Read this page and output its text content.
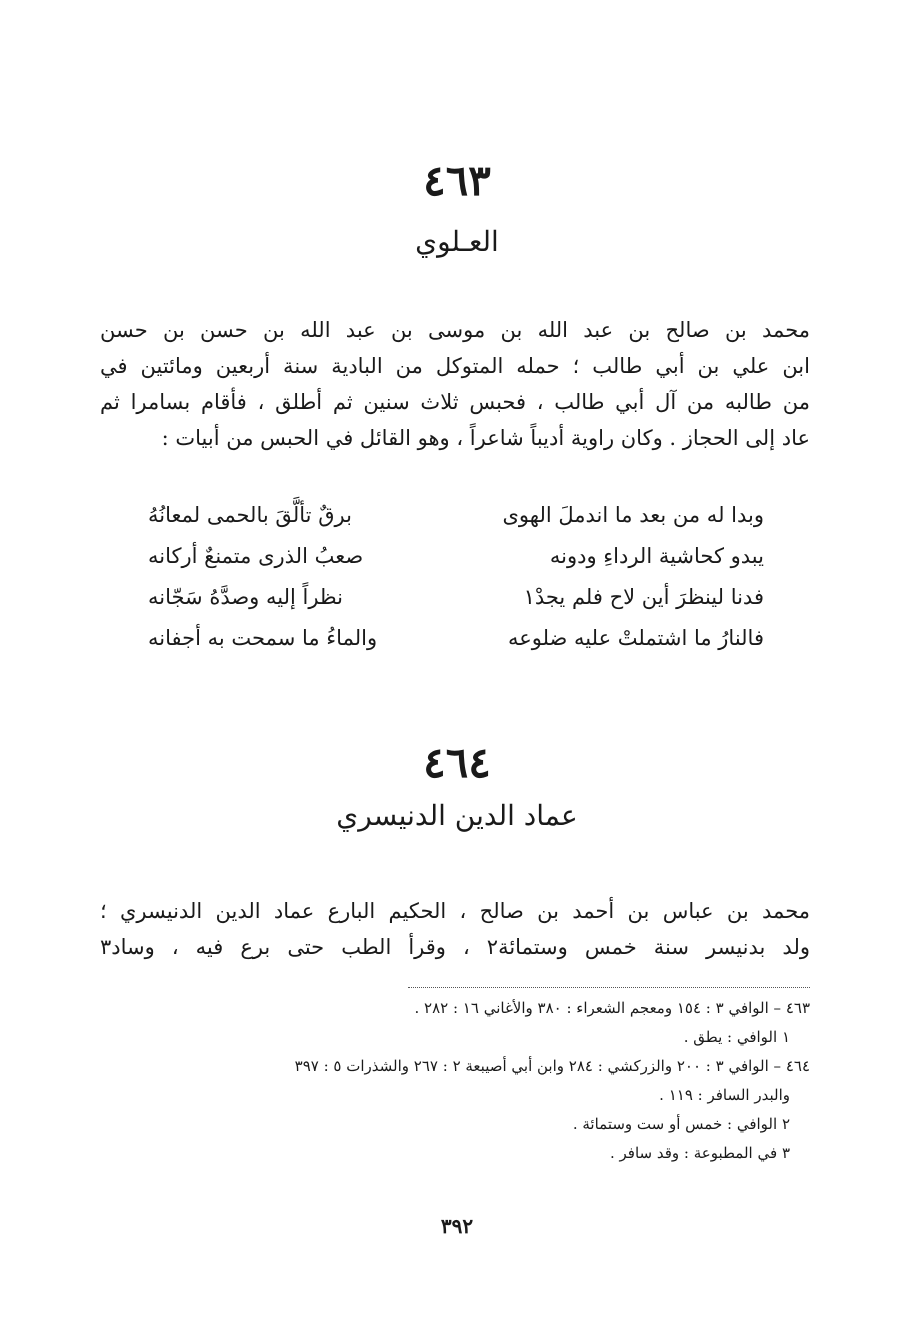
٤٦٣
العـلوي
محمد بن صالح بن عبد الله بن موسى بن عبد الله بن حسن بن حسن
ابن علي بن أبي طالب ؛ حمله المتوكل من البادية سنة أربعين ومائتين في
من طالبه من آل أبي طالب ، فحبس ثلاث سنين ثم أطلق ، فأقام بسامرا ثم
عاد إلى الحجاز . وكان راوية أديباً شاعراً ، وهو القائل في الحبس من أبيات :
وبدا له من بعد ما اندملَ الهوى
برقٌ تألَّقَ بالحمى لمعانُهُ
يبدو كحاشية الرداءِ ودونه
صعبُ الذرى متمنعٌ أركانه
فدنا لينظرَ أين لاح فلم يجدْ١
نظراً إليه وصدَّهُ سَجّانه
فالنارُ ما اشتملتْ عليه ضلوعه
والماءُ ما سمحت به أجفانه
٤٦٤
عماد الدين الدنيسري
محمد بن عباس بن أحمد بن صالح ، الحكيم البارع عماد الدين الدنيسري ؛
ولد بدنيسر سنة خمس وستمائة٢ ، وقرأ الطب حتى برع فيه ، وساد٣
٤٦٣ – الوافي ٣ : ١٥٤ ومعجم الشعراء : ٣٨٠ والأغاني ١٦ : ٢٨٢ .
١ الوافي : يطق .
٤٦٤ – الوافي ٣ : ٢٠٠ والزركشي : ٢٨٤ وابن أبي أصيبعة ٢ : ٢٦٧ والشذرات ٥ : ٣٩٧
والبدر السافر : ١١٩ .
٢ الوافي : خمس أو ست وستمائة .
٣ في المطبوعة : وقد سافر .
٣٩٢
